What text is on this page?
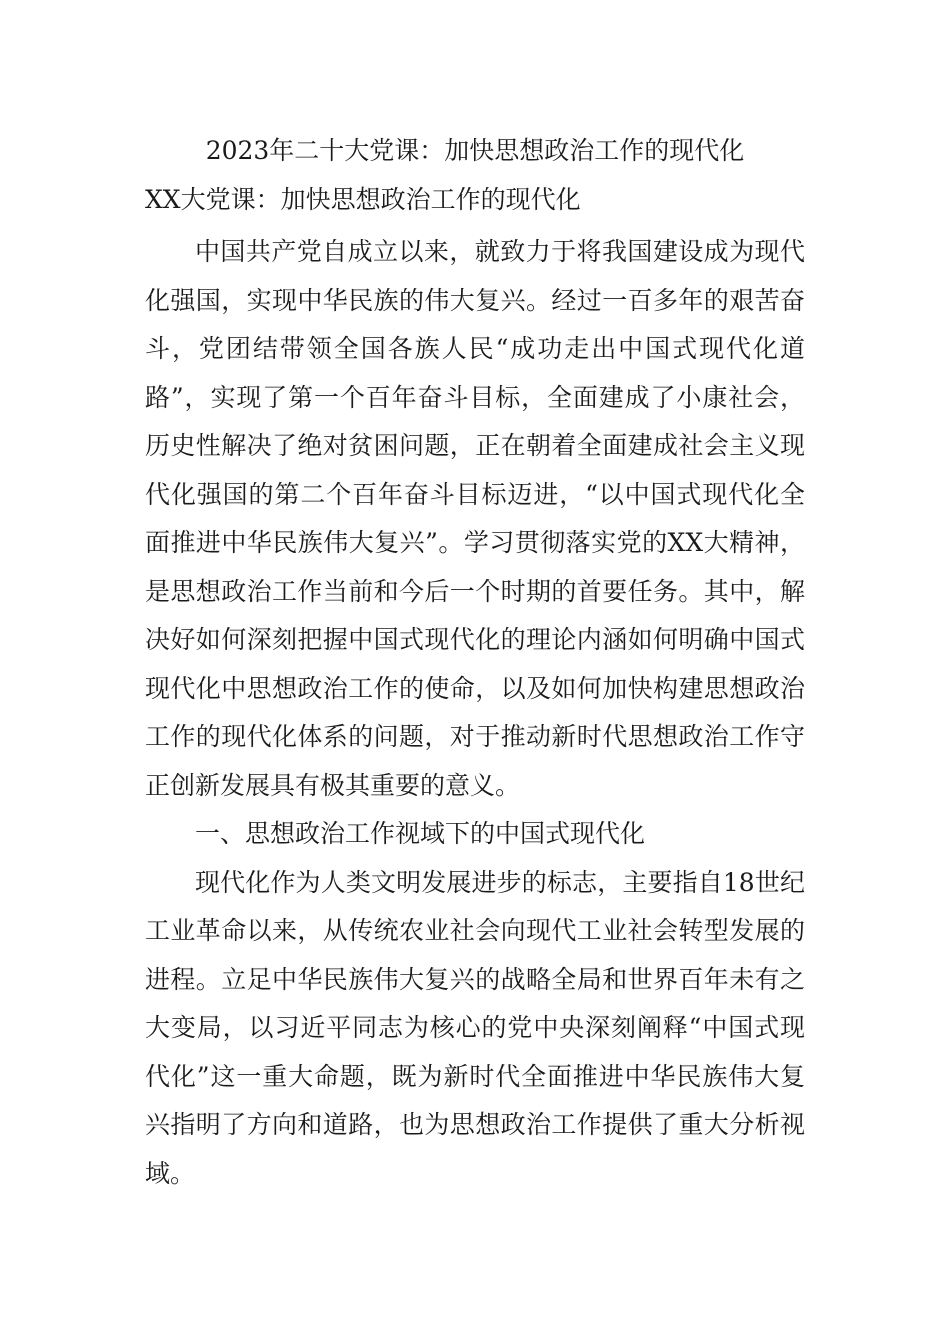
2023年二十大党课：加快思想政治工作的现代化
XX大党课：加快思想政治工作的现代化

中国共产党自成立以来，就致力于将我国建设成为现代化强国，实现中华民族的伟大复兴。经过一百多年的艰苦奋斗，党团结带领全国各族人民“成功走出中国式现代化道路”，实现了第一个百年奋斗目标，全面建成了小康社会，历史性解决了绝对贫困问题，正在朝着全面建成社会主义现代化强国的第二个百年奋斗目标迈进，“以中国式现代化全面推进中华民族伟大复兴”。学习贯彻落实党的XX大精神，是思想政治工作当前和今后一个时期的首要任务。其中，解决好如何深刻把握中国式现代化的理论内涵如何明确中国式现代化中思想政治工作的使命，以及如何加快构建思想政治工作的现代化体系的问题，对于推动新时代思想政治工作守正创新发展具有极其重要的意义。

一、思想政治工作视域下的中国式现代化

现代化作为人类文明发展进步的标志，主要指自18世纪工业革命以来，从传统农业社会向现代工业社会转型发展的进程。立足中华民族伟大复兴的战略全局和世界百年未有之大变局，以习近平同志为核心的党中央深刻阐释“中国式现代化”这一重大命题，既为新时代全面推进中华民族伟大复兴指明了方向和道路，也为思想政治工作提供了重大分析视域。
